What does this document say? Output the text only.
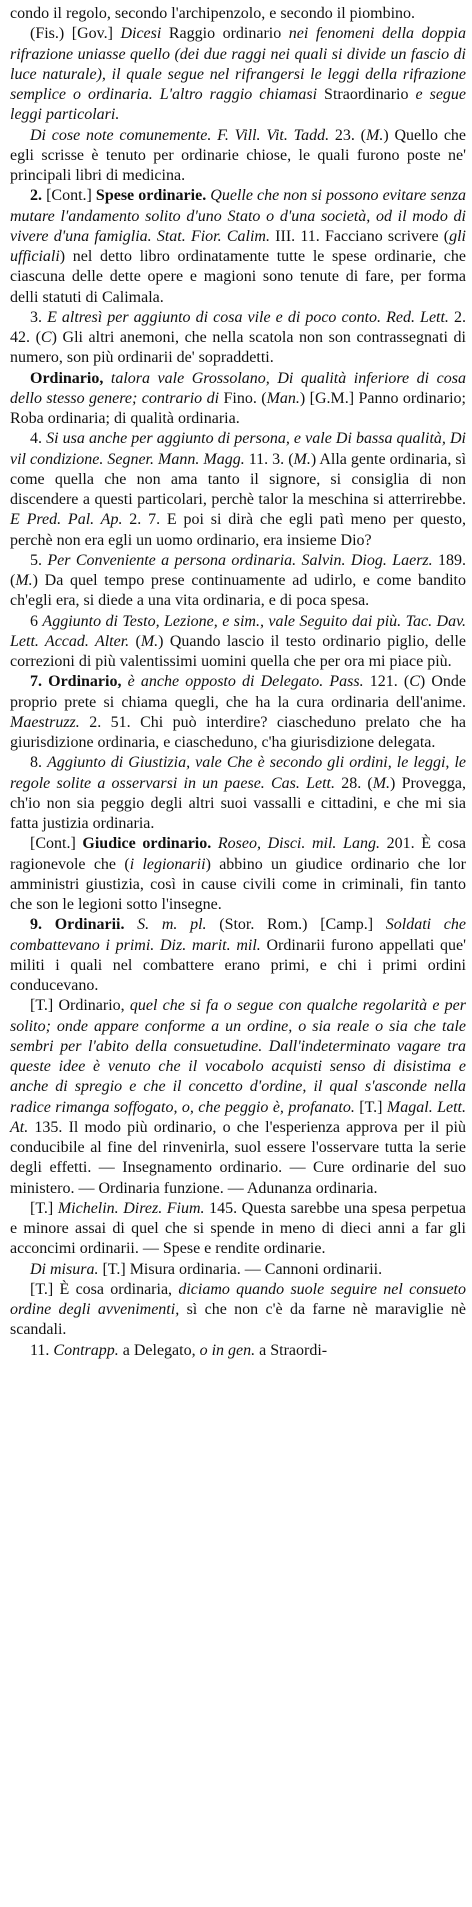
condo il regolo, secondo l'archipenzolo, e secondo il piombino.

(Fis.) [Gov.] Dicesi Raggio ordinario nei fenomeni della doppia rifrazione uniasse quello (dei due raggi nei quali si divide un fascio di luce naturale), il quale segue nel rifrangersi le leggi della rifrazione semplice o ordinaria. L'altro raggio chiamasi Straordinario e segue leggi particolari.

Di cose note comunemente. F. Vill. Vit. Tadd. 23. (M.) Quello che egli scrisse è tenuto per ordinarie chiose, le quali furono poste ne' principali libri di medicina.

2. [Cont.] Spese ordinarie. Quelle che non si possono evitare senza mutare l'andamento solito d'uno Stato o d'una società, od il modo di vivere d'una famiglia. Stat. Fior. Calim. III. 11. Facciano scrivere (gli ufficiali) nel detto libro ordinatamente tutte le spese ordinarie, che ciascuna delle dette opere e magioni sono tenute di fare, per forma delli statuti di Calimala.

3. E altresì per aggiunto di cosa vile e di poco conto. Red. Lett. 2. 42. (C) Gli altri anemoni, che nella scatola non son contrassegnati di numero, son più ordinarii de' sopraddetti.

Ordinario, talora vale Grossolano, Di qualità inferiore di cosa dello stesso genere; contrario di Fino. (Man.) [G.M.] Panno ordinario; Roba ordinaria; di qualità ordinaria.

4. Si usa anche per aggiunto di persona, e vale Di bassa qualità, Di vil condizione. Segner. Mann. Magg. 11. 3. (M.) Alla gente ordinaria, sì come quella che non ama tanto il signore, si consiglia di non discendere a questi particolari, perchè talor la meschina si atterrirebbe. E Pred. Pal. Ap. 2. 7. E poi si dirà che egli patì meno per questo, perchè non era egli un uomo ordinario, era insieme Dio?

5. Per Conveniente a persona ordinaria. Salvin. Diog. Laerz. 189. (M.) Da quel tempo prese continuamente ad udirlo, e come bandito ch'egli era, si diede a una vita ordinaria, e di poca spesa.

6 Aggiunto di Testo, Lezione, e sim., vale Seguito dai più. Tac. Dav. Lett. Accad. Alter. (M.) Quando lascio il testo ordinario piglio, delle correzioni di più valentissimi uomini quella che per ora mi piace più.

7. Ordinario, è anche opposto di Delegato. Pass. 121. (C) Onde proprio prete si chiama quegli, che ha la cura ordinaria dell'anime. Maestruzz. 2. 51. Chi può interdire? ciascheduno prelato che ha giurisdizione ordinaria, e ciascheduno, c'ha giurisdizione delegata.

8. Aggiunto di Giustizia, vale Che è secondo gli ordini, le leggi, le regole solite a osservarsi in un paese. Cas. Lett. 28. (M.) Provegga, ch'io non sia peggio degli altri suoi vassalli e cittadini, e che mi sia fatta justizia ordinaria.

[Cont.] Giudice ordinario. Roseo, Disci. mil. Lang. 201. È cosa ragionevole che (i legionarii) abbino un giudice ordinario che lor amministri giustizia, così in cause civili come in criminali, fin tanto che son le legioni sotto l'insegne.

9. Ordinarii. S. m. pl. (Stor. Rom.) [Camp.] Soldati che combattevano i primi. Diz. marit. mil. Ordinarii furono appellati que' militi i quali nel combattere erano primi, e chi i primi ordini conducevano.

[T.] Ordinario, quel che si fa o segue con qualche regolarità e per solito; onde appare conforme a un ordine, o sia reale o sia che tale sembri per l'abito della consuetudine. Dall'indeterminato vagare tra queste idee è venuto che il vocabolo acquisti senso di disistima e anche di spregio e che il concetto d'ordine, il qual s'asconde nella radice rimanga soffogato, o, che peggio è, profanato. [T.] Magal. Lett. At. 135. Il modo più ordinario, o che l'esperienza approva per il più conducibile al fine del rinvenirla, suol essere l'osservare tutta la serie degli effetti. — Insegnamento ordinario. — Cure ordinarie del suo ministero. — Ordinaria funzione. — Adunanza ordinaria.

[T.] Michelin. Direz. Fium. 145. Questa sarebbe una spesa perpetua e minore assai di quel che si spende in meno di dieci anni a far gli acconcimi ordinarii. — Spese e rendite ordinarie.

Di misura. [T.] Misura ordinaria. — Cannoni ordinarii.

[T.] È cosa ordinaria, diciamo quando suole seguire nel consueto ordine degli avvenimenti, sì che non c'è da farne nè maraviglie nè scandali.

11. Contrapp. a Delegato, o in gen. a Straordi-
